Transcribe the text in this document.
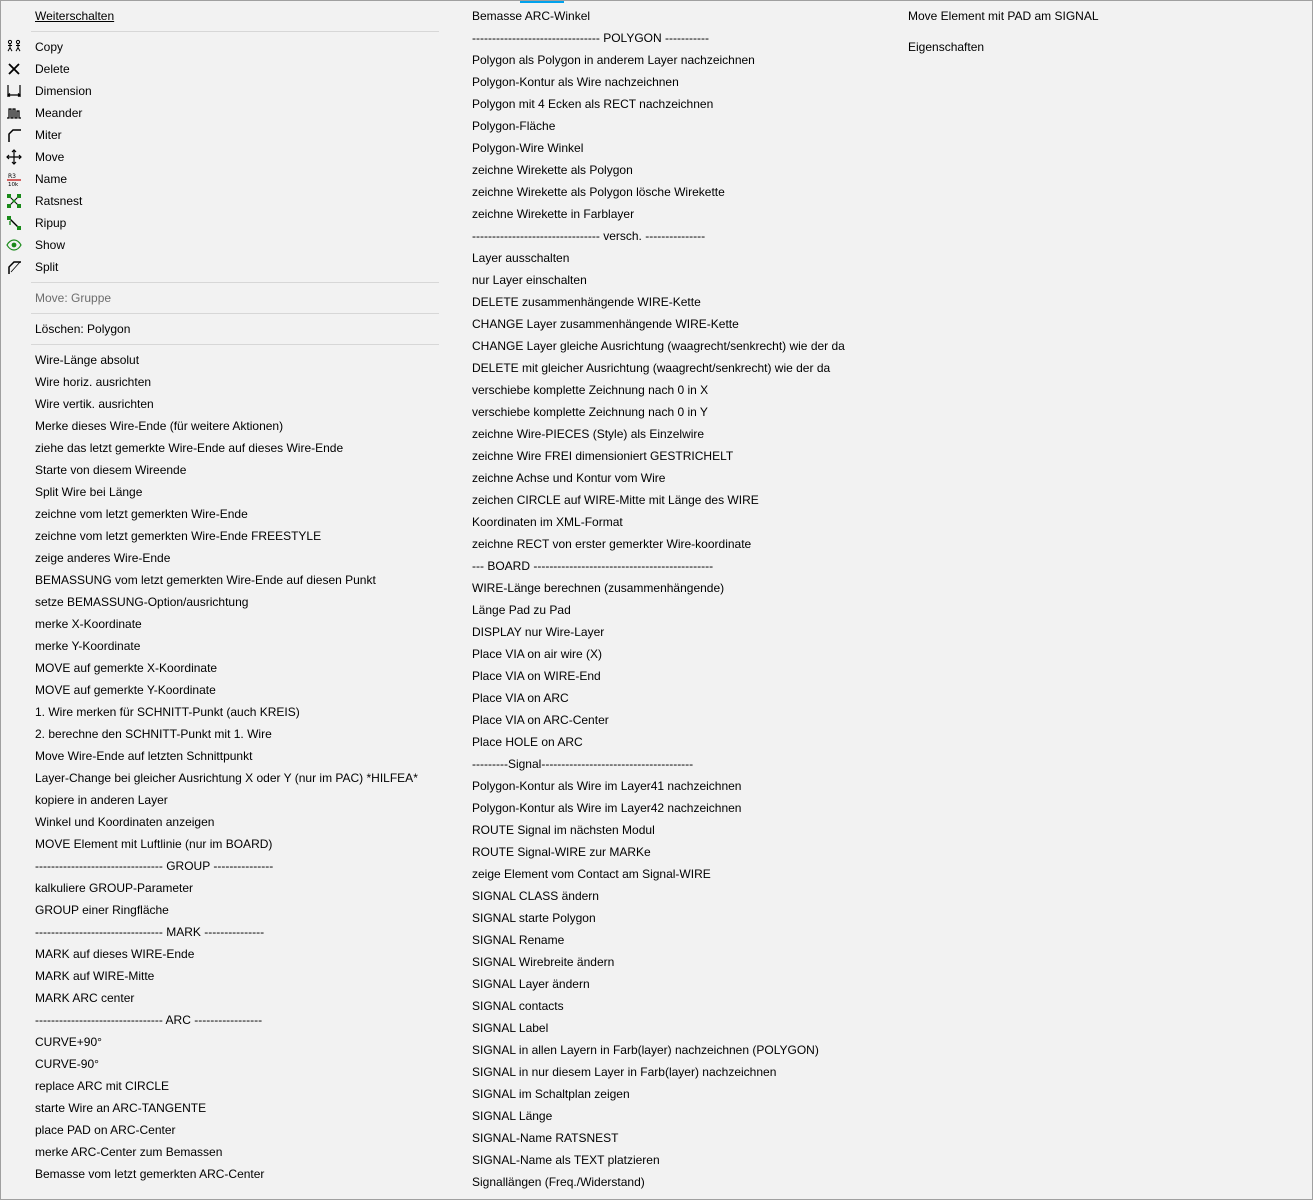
Weiterschalten
Copy
Delete
Dimension
Meander
Miter
Move
R3
10k Name
Ratsnest
Ripup
Show
Split
Move: Gruppe
Löschen: Polygon
Wire-Länge absolut
Wire horiz. ausrichten
Wire vertik. ausrichten
Merke dieses Wire-Ende (für weitere Aktionen)
ziehe das letzt gemerkte Wire-Ende auf dieses Wire-Ende
Starte von diesem Wireende
Split Wire bei Länge
zeichne vom letzt gemerkten Wire-Ende
zeichne vom letzt gemerkten Wire-Ende FREESTYLE
zeige anderes Wire-Ende
BEMASSUNG vom letzt gemerkten Wire-Ende auf diesen Punkt
setze BEMASSUNG-Option/ausrichtung
merke X-Koordinate
merke Y-Koordinate
MOVE auf gemerkte X-Koordinate
MOVE auf gemerkte Y-Koordinate
1. Wire merken für SCHNITT-Punkt (auch KREIS)
2. berechne den SCHNITT-Punkt mit 1. Wire
Move Wire-Ende auf letzten Schnittpunkt
Layer-Change bei gleicher Ausrichtung X oder Y (nur im PAC) *HILFEA*
kopiere in anderen Layer
Winkel und Koordinaten anzeigen
MOVE Element mit Luftlinie (nur im BOARD)
-------------------------------- GROUP ---------------
kalkuliere GROUP-Parameter
GROUP einer Ringfläche
-------------------------------- MARK ---------------
MARK auf dieses WIRE-Ende
MARK auf WIRE-Mitte
MARK ARC center
-------------------------------- ARC -----------------
CURVE+90°
CURVE-90°
replace ARC mit CIRCLE
starte Wire an ARC-TANGENTE
place PAD on ARC-Center
merke ARC-Center zum Bemassen
Bemasse vom letzt gemerkten ARC-Center
Bemasse ARC-Winkel
-------------------------------- POLYGON -----------
Polygon als Polygon in anderem Layer nachzeichnen
Polygon-Kontur als Wire nachzeichnen
Polygon mit 4 Ecken als RECT nachzeichnen
Polygon-Fläche
Polygon-Wire Winkel
zeichne Wirekette als Polygon
zeichne Wirekette als Polygon lösche Wirekette
zeichne Wirekette in Farblayer
-------------------------------- versch. ---------------
Layer ausschalten
nur Layer einschalten
DELETE zusammenhängende WIRE-Kette
CHANGE Layer zusammenhängende WIRE-Kette
CHANGE Layer gleiche Ausrichtung (waagrecht/senkrecht) wie der da
DELETE mit gleicher Ausrichtung (waagrecht/senkrecht) wie der da
verschiebe komplette Zeichnung nach 0 in X
verschiebe komplette Zeichnung nach 0 in Y
zeichne Wire-PIECES (Style) als Einzelwire
zeichne Wire FREI dimensioniert GESTRICHELT
zeichne Achse und Kontur vom Wire
zeichen CIRCLE auf WIRE-Mitte mit Länge des WIRE
Koordinaten im XML-Format
zeichne RECT von erster gemerkter Wire-koordinate
--- BOARD ---------------------------------------------
WIRE-Länge berechnen (zusammenhängende)
Länge Pad zu Pad
DISPLAY nur Wire-Layer
Place VIA on air wire (X)
Place VIA on WIRE-End
Place VIA on ARC
Place VIA on ARC-Center
Place HOLE on ARC
---------Signal--------------------------------------
Polygon-Kontur als Wire im Layer41 nachzeichnen
Polygon-Kontur als Wire im Layer42 nachzeichnen
ROUTE Signal im nächsten Modul
ROUTE Signal-WIRE zur MARKe
zeige Element vom Contact am Signal-WIRE
SIGNAL CLASS ändern
SIGNAL starte Polygon
SIGNAL Rename
SIGNAL Wirebreite ändern
SIGNAL Layer ändern
SIGNAL contacts
SIGNAL Label
SIGNAL in allen Layern in Farb(layer) nachzeichnen (POLYGON)
SIGNAL in nur diesem Layer in Farb(layer) nachzeichnen
SIGNAL im Schaltplan zeigen
SIGNAL Länge
SIGNAL-Name RATSNEST
SIGNAL-Name als TEXT platzieren
Signallängen (Freq./Widerstand)
Move Element mit PAD am SIGNAL
Eigenschaften
